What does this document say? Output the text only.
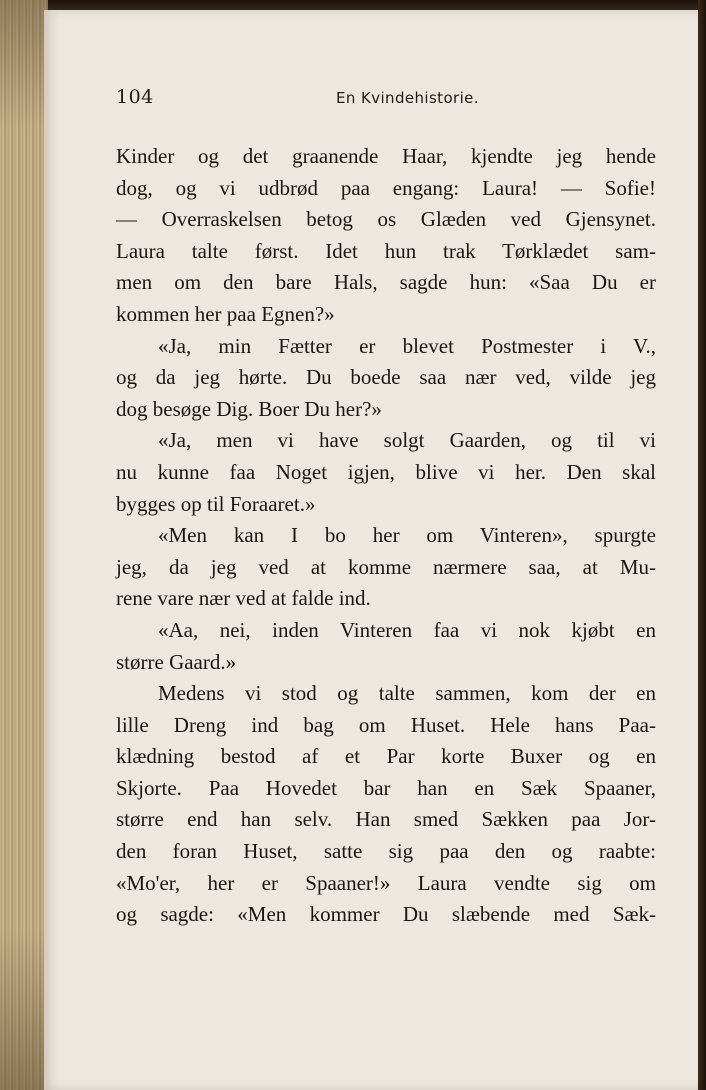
104	En Kvindehistorie.
Kinder og det graanende Haar, kjendte jeg hende
dog, og vi udbrød paa engang: Laura! — Sofie!
— Overraskelsen betog os Glæden ved Gjensynet.
Laura talte først. Idet hun trak Tørklædet sam-
men om den bare Hals, sagde hun: «Saa Du er
kommen her paa Egnen?»
«Ja, min Fætter er blevet Postmester i V.,
og da jeg hørte. Du boede saa nær ved, vilde jeg
dog besøge Dig. Boer Du her?»
«Ja, men vi have solgt Gaarden, og til vi
nu kunne faa Noget igjen, blive vi her. Den skal
bygges op til Foraaret.»
«Men kan I bo her om Vinteren», spurgte
jeg, da jeg ved at komme nærmere saa, at Mu-
rene vare nær ved at falde ind.
«Aa, nei, inden Vinteren faa vi nok kjøbt en
større Gaard.»
Medens vi stod og talte sammen, kom der en
lille Dreng ind bag om Huset. Hele hans Paa-
klædning bestod af et Par korte Buxer og en
Skjorte. Paa Hovedet bar han en Sæk Spaaner,
større end han selv. Han smed Sækken paa Jor-
den foran Huset, satte sig paa den og raabte:
«Mo'er, her er Spaaner!» Laura vendte sig om
og sagde: «Men kommer Du slæbende med Sæk-
